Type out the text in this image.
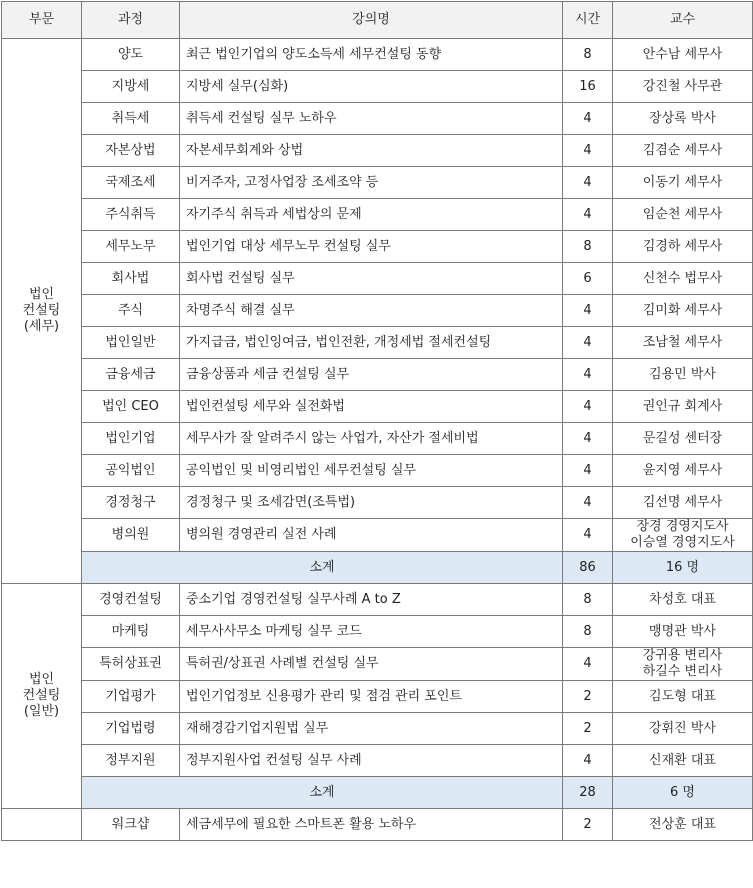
부문	과정	강의명	시간	교수

법인
컨설팅
(세무)	양도	최근 법인기업의 양도소득세 세무컨설팅 동향	8	안수남 세무사

	지방세	지방세 실무(심화)	16	강진철 사무관

	취득세	취득세 컨설팅 실무 노하우	4	장상록 박사

	자본상법	자본세무회계와 상법	4	김겸순 세무사

	국제조세	비거주자, 고정사업장 조세조약 등	4	이동기 세무사

	주식취득	자기주식 취득과 세법상의 문제	4	임순천 세무사

	세무노무	법인기업 대상 세무노무 컨설팅 실무	8	김경하 세무사

	회사법	회사법 컨설팅 실무	6	신천수 법무사

	주식	차명주식 해결 실무	4	김미화 세무사

	법인일반	가지급금, 법인잉여금, 법인전환, 개정세법 절세컨설팅	4	조남철 세무사

	금융세금	금융상품과 세금 컨설팅 실무	4	김용민 박사

	법인 CEO	법인컨설팅 세무와 실전화법	4	권인규 회계사

	법인기업	세무사가 잘 알려주시 않는 사업가, 자산가 절세비법	4	문길성 센터장

	공익법인	공익법인 및 비영리법인 세무컨설팅 실무	4	윤지영 세무사

	경정청구	경정청구 및 조세감면(조특법)	4	김선명 세무사

	병의원	병의원 경영관리 실전 사례	4	장경 경영지도사
이승열 경영지도사

	소계		86	16 명

법인
컨설팅
(일반)	경영컨설팅	중소기업 경영컨설팅 실무사례 A to Z	8	차성호 대표

	마케팅	세무사사무소 마케팅 실무 코드	8	맹명관 박사

	특허상표권	특허권/상표권 사례별 컨설팅 실무	4	강귀용 변리사
하길수 변리사

	기업평가	법인기업정보 신용평가 관리 및 점검 관리 포인트	2	김도형 대표

	기업법령	재해경감기업지원법 실무	2	강휘진 박사

	정부지원	정부지원사업 컨설팅 실무 사례	4	신재환 대표

	소계		28	6 명
	워크샵	세금세무에 필요한 스마트폰 활용 노하우	2	전상훈 대표
